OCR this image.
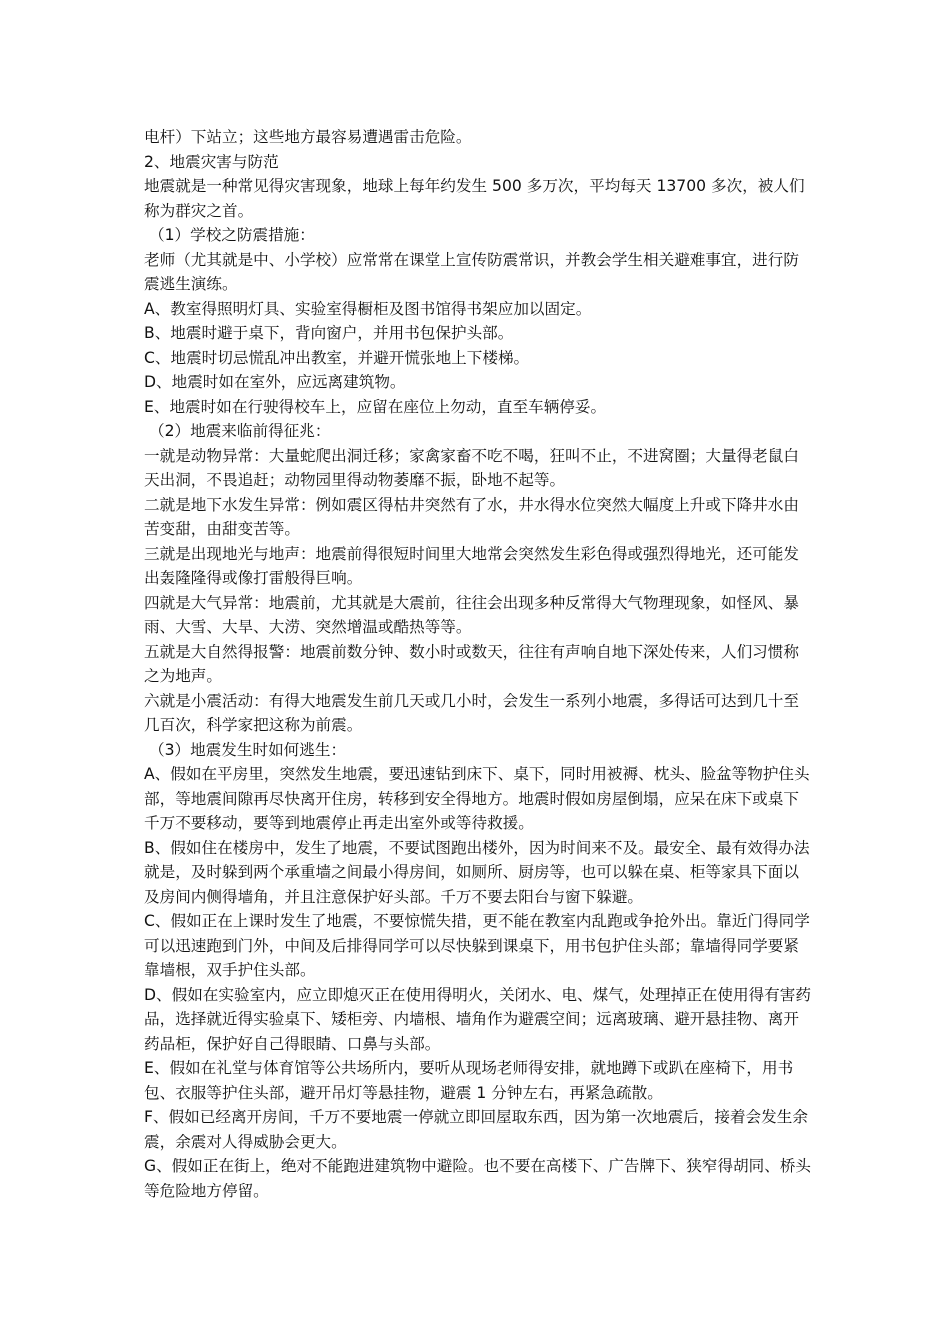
电杆）下站立；这些地方最容易遭遇雷击危险。

2、地震灾害与防范

地震就是一种常见得灾害现象，地球上每年约发生 500 多万次，平均每天 13700 多次，被人们称为群灾之首。

（1）学校之防震措施：

老师（尤其就是中、小学校）应常常在课堂上宣传防震常识，并教会学生相关避难事宜，进行防震逃生演练。

A、教室得照明灯具、实验室得橱柜及图书馆得书架应加以固定。

B、地震时避于桌下，背向窗户，并用书包保护头部。

C、地震时切忌慌乱冲出教室，并避开慌张地上下楼梯。

D、地震时如在室外，应远离建筑物。

E、地震时如在行驶得校车上，应留在座位上勿动，直至车辆停妥。

（2）地震来临前得征兆：

一就是动物异常：大量蛇爬出洞迁移；家禽家畜不吃不喝，狂叫不止，不进窝圈；大量得老鼠白天出洞，不畏追赶；动物园里得动物萎靡不振，卧地不起等。

二就是地下水发生异常：例如震区得枯井突然有了水，井水得水位突然大幅度上升或下降井水由苦变甜，由甜变苦等。

三就是出现地光与地声：地震前得很短时间里大地常会突然发生彩色得或强烈得地光，还可能发出轰隆隆得或像打雷般得巨响。

四就是大气异常：地震前，尤其就是大震前，往往会出现多种反常得大气物理现象，如怪风、暴雨、大雪、大旱、大涝、突然增温或酷热等等。

五就是大自然得报警：地震前数分钟、数小时或数天，往往有声响自地下深处传来，人们习惯称之为地声。

六就是小震活动：有得大地震发生前几天或几小时，会发生一系列小地震，多得话可达到几十至几百次，科学家把这称为前震。

（3）地震发生时如何逃生：

A、假如在平房里，突然发生地震，要迅速钻到床下、桌下，同时用被褥、枕头、脸盆等物护住头部，等地震间隙再尽快离开住房，转移到安全得地方。地震时假如房屋倒塌，应呆在床下或桌下千万不要移动，要等到地震停止再走出室外或等待救援。

B、假如住在楼房中，发生了地震，不要试图跑出楼外，因为时间来不及。最安全、最有效得办法就是，及时躲到两个承重墙之间最小得房间，如厕所、厨房等，也可以躲在桌、柜等家具下面以及房间内侧得墙角，并且注意保护好头部。千万不要去阳台与窗下躲避。

C、假如正在上课时发生了地震，不要惊慌失措，更不能在教室内乱跑或争抢外出。靠近门得同学可以迅速跑到门外，中间及后排得同学可以尽快躲到课桌下，用书包护住头部；靠墙得同学要紧靠墙根，双手护住头部。

D、假如在实验室内，应立即熄灭正在使用得明火，关闭水、电、煤气，处理掉正在使用得有害药品，选择就近得实验桌下、矮柜旁、内墙根、墙角作为避震空间；远离玻璃、避开悬挂物、离开药品柜，保护好自己得眼睛、口鼻与头部。

E、假如在礼堂与体育馆等公共场所内，要听从现场老师得安排，就地蹲下或趴在座椅下，用书包、衣服等护住头部，避开吊灯等悬挂物，避震 1 分钟左右，再紧急疏散。

F、假如已经离开房间，千万不要地震一停就立即回屋取东西，因为第一次地震后，接着会发生余震，余震对人得威胁会更大。

G、假如正在街上，绝对不能跑进建筑物中避险。也不要在高楼下、广告牌下、狭窄得胡同、桥头等危险地方停留。
